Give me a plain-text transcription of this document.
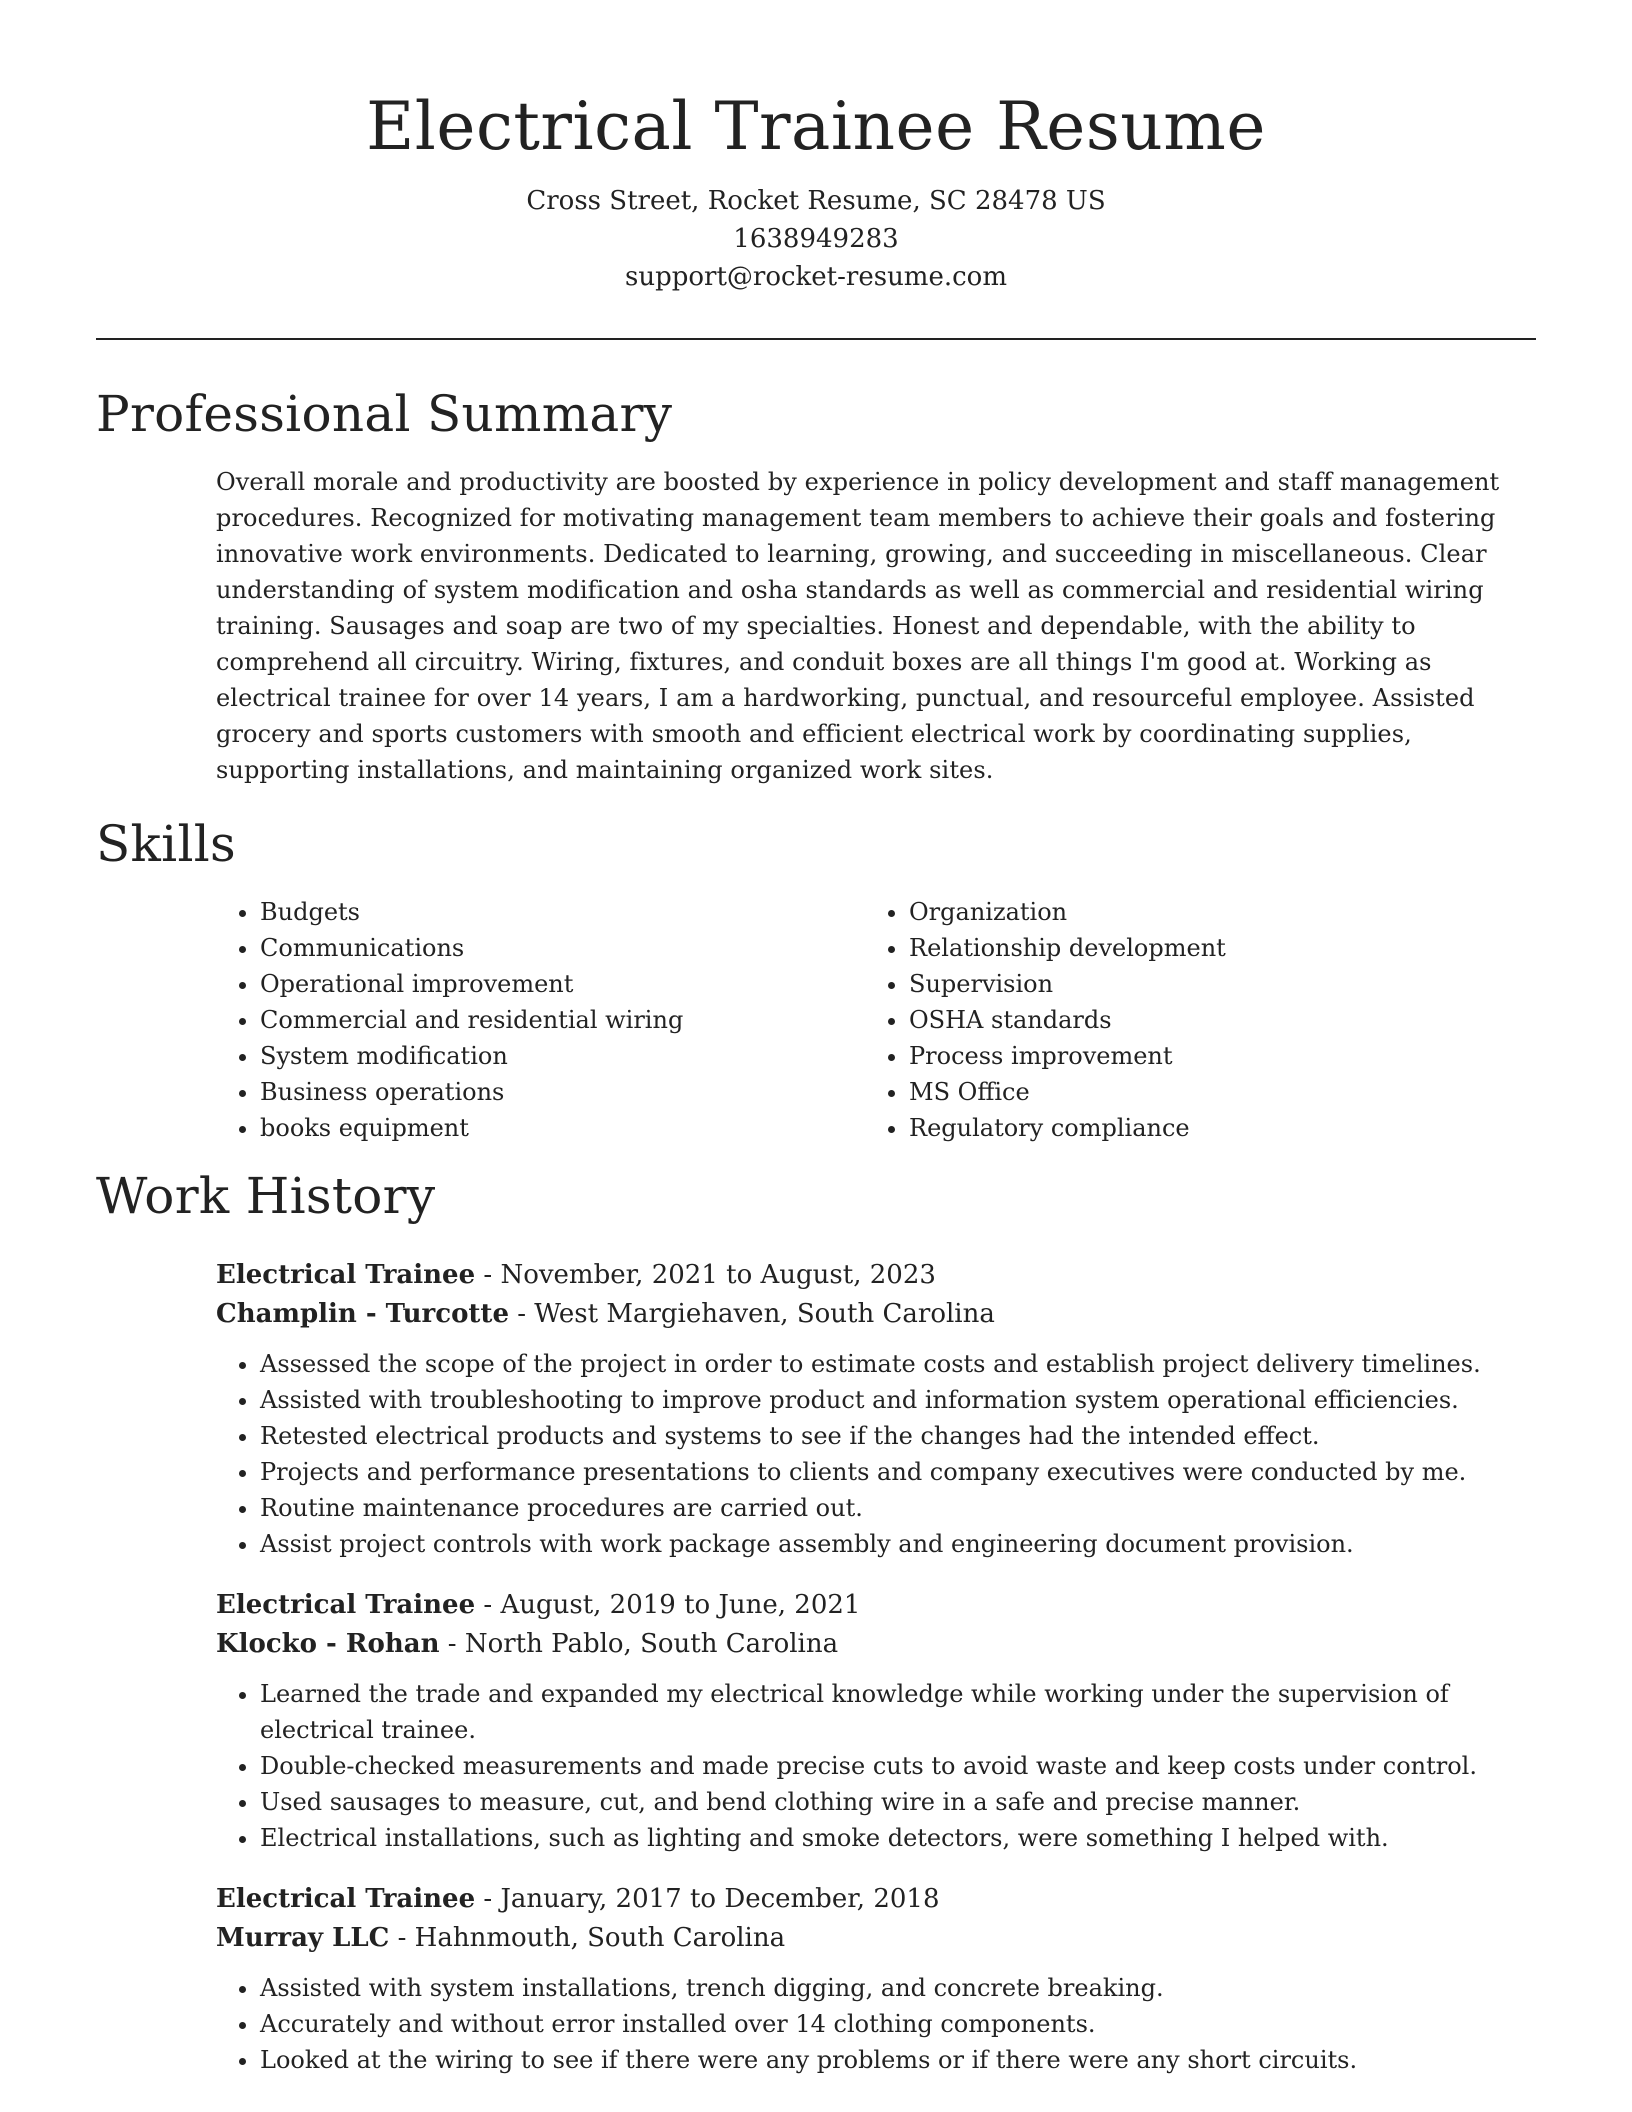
Electrical Trainee Resume
Cross Street, Rocket Resume, SC 28478 US
1638949283
support@rocket-resume.com
Professional Summary
Overall morale and productivity are boosted by experience in policy development and staff management procedures. Recognized for motivating management team members to achieve their goals and fostering innovative work environments. Dedicated to learning, growing, and succeeding in miscellaneous. Clear understanding of system modification and osha standards as well as commercial and residential wiring training. Sausages and soap are two of my specialties. Honest and dependable, with the ability to comprehend all circuitry. Wiring, fixtures, and conduit boxes are all things I'm good at. Working as electrical trainee for over 14 years, I am a hardworking, punctual, and resourceful employee. Assisted grocery and sports customers with smooth and efficient electrical work by coordinating supplies, supporting installations, and maintaining organized work sites.
Skills
• Budgets
• Communications
• Operational improvement
• Commercial and residential wiring
• System modification
• Business operations
• books equipment
• Organization
• Relationship development
• Supervision
• OSHA standards
• Process improvement
• MS Office
• Regulatory compliance
Work History
Electrical Trainee - November, 2021 to August, 2023
Champlin - Turcotte - West Margiehaven, South Carolina
• Assessed the scope of the project in order to estimate costs and establish project delivery timelines.
• Assisted with troubleshooting to improve product and information system operational efficiencies.
• Retested electrical products and systems to see if the changes had the intended effect.
• Projects and performance presentations to clients and company executives were conducted by me.
• Routine maintenance procedures are carried out.
• Assist project controls with work package assembly and engineering document provision.
Electrical Trainee - August, 2019 to June, 2021
Klocko - Rohan - North Pablo, South Carolina
• Learned the trade and expanded my electrical knowledge while working under the supervision of electrical trainee.
• Double-checked measurements and made precise cuts to avoid waste and keep costs under control.
• Used sausages to measure, cut, and bend clothing wire in a safe and precise manner.
• Electrical installations, such as lighting and smoke detectors, were something I helped with.
Electrical Trainee - January, 2017 to December, 2018
Murray LLC - Hahnmouth, South Carolina
• Assisted with system installations, trench digging, and concrete breaking.
• Accurately and without error installed over 14 clothing components.
• Looked at the wiring to see if there were any problems or if there were any short circuits.
